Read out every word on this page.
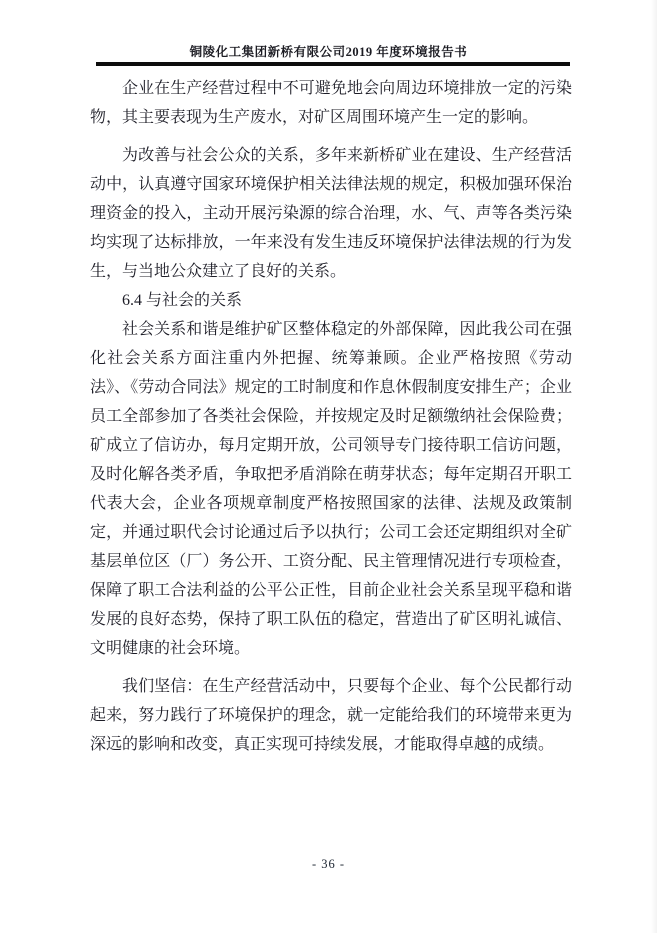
铜陵化工集团新桥有限公司2019 年度环境报告书

企业在生产经营过程中不可避免地会向周边环境排放一定的污染物，其主要表现为生产废水，对矿区周围环境产生一定的影响。

为改善与社会公众的关系，多年来新桥矿业在建设、生产经营活动中，认真遵守国家环境保护相关法律法规的规定，积极加强环保治理资金的投入，主动开展污染源的综合治理，水、气、声等各类污染均实现了达标排放，一年来没有发生违反环境保护法律法规的行为发生，与当地公众建立了良好的关系。

6.4 与社会的关系

社会关系和谐是维护矿区整体稳定的外部保障，因此我公司在强化社会关系方面注重内外把握、统筹兼顾。企业严格按照《劳动法》、《劳动合同法》规定的工时制度和作息休假制度安排生产；企业员工全部参加了各类社会保险，并按规定及时足额缴纳社会保险费；矿成立了信访办，每月定期开放，公司领导专门接待职工信访问题，及时化解各类矛盾，争取把矛盾消除在萌芽状态；每年定期召开职工代表大会，企业各项规章制度严格按照国家的法律、法规及政策制定，并通过职代会讨论通过后予以执行；公司工会还定期组织对全矿基层单位区（厂）务公开、工资分配、民主管理情况进行专项检查，保障了职工合法利益的公平公正性，目前企业社会关系呈现平稳和谐发展的良好态势，保持了职工队伍的稳定，营造出了矿区明礼诚信、文明健康的社会环境。

我们坚信：在生产经营活动中，只要每个企业、每个公民都行动起来，努力践行了环境保护的理念，就一定能给我们的环境带来更为深远的影响和改变，真正实现可持续发展，才能取得卓越的成绩。

- 36 -
